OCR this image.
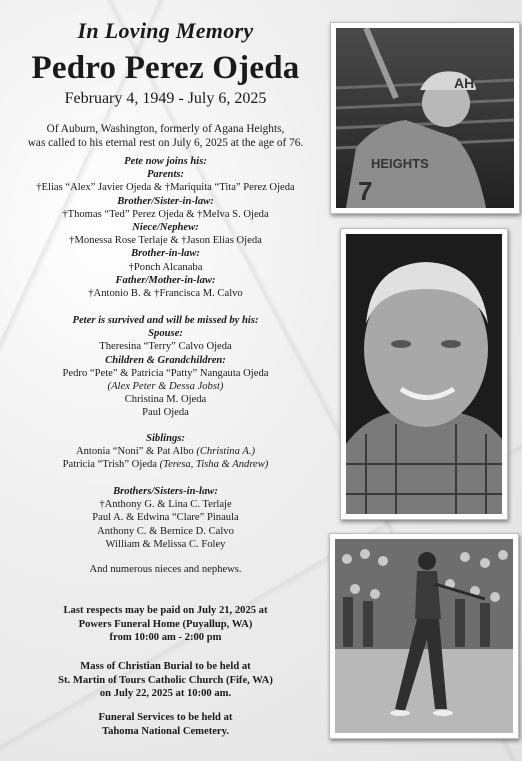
In Loving Memory
Pedro Perez Ojeda
February 4, 1949 - July 6, 2025
Of Auburn, Washington, formerly of Agana Heights,
was called to his eternal rest on July 6, 2025 at the age of 76.
Pete now joins his:
Parents:
†Elias “Alex” Javier Ojeda & †Mariquita “Tita” Perez Ojeda
Brother/Sister-in-law:
†Thomas “Ted” Perez Ojeda & †Melva S. Ojeda
Niece/Nephew:
†Monessa Rose Terlaje & †Jason Elias Ojeda
Brother-in-law:
†Ponch Alcanaba
Father/Mother-in-law:
†Antonio B. & †Francisca M. Calvo
Peter is survived and will be missed by his:
Spouse:
Theresina “Terry” Calvo Ojeda
Children & Grandchildren:
Pedro “Pete” & Patricia “Patty” Nangauta Ojeda
(Alex Peter & Dessa Jobst)
Christina M. Ojeda
Paul Ojeda
Siblings:
Antonia “Noni” & Pat Albo (Christina A.)
Patricia “Trish” Ojeda (Teresa, Tisha & Andrew)
Brothers/Sisters-in-law:
†Anthony G. & Lina C. Terlaje
Paul A. & Edwina “Clare” Pinaula
Anthony C. & Bernice D. Calvo
William & Melissa C. Foley
And numerous nieces and nephews.
Last respects may be paid on July 21, 2025 at
Powers Funeral Home (Puyallup, WA)
from 10:00 am - 2:00 pm
Mass of Christian Burial to be held at
St. Martin of Tours Catholic Church (Fife, WA)
on July 22, 2025 at 10:00 am.
Funeral Services to be held at
Tahoma National Cemetery.
AH
HEIGHTS
7
